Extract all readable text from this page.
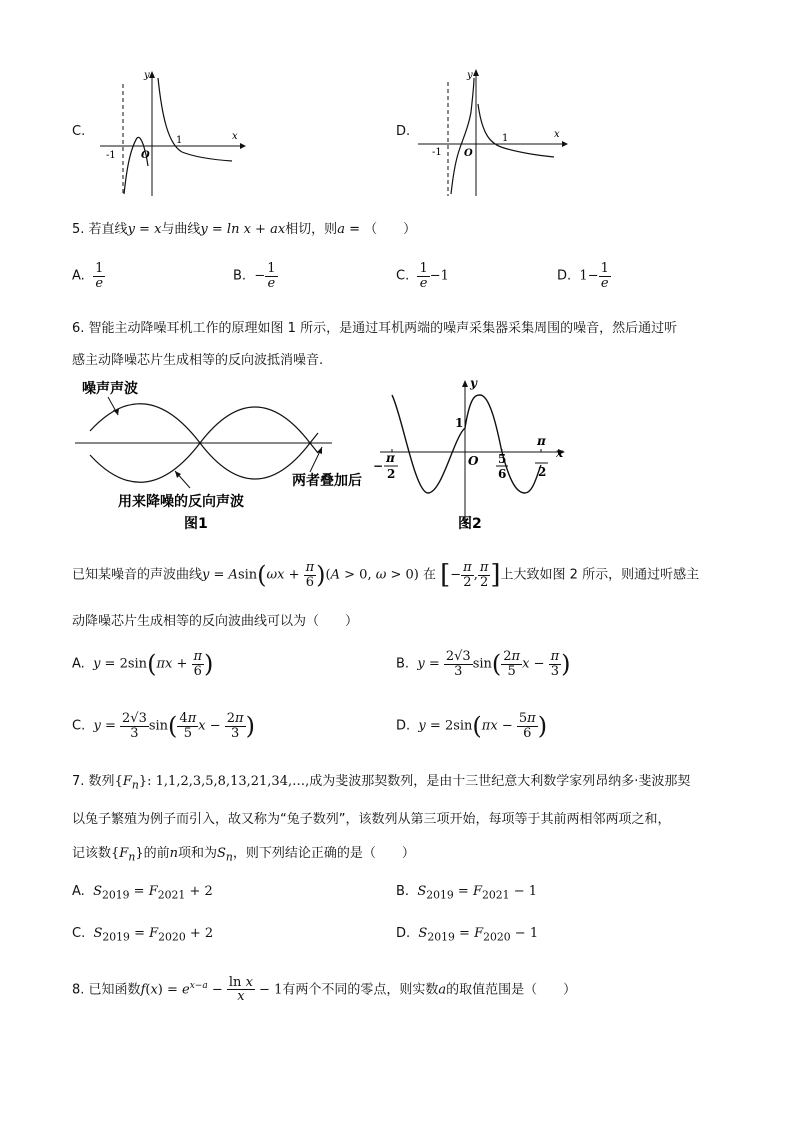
C.
y
x
O
-1
1
D.
y
x
O
-1
1
5. 若直线y = x与曲线y = ln x + ax相切，则a = （　　）
A. $\frac{1}{e}$	B. − $\frac{1}{e}$	C. $\frac{1}{e} -1$	D. $1- \frac{1}{e}$
6. 智能主动降噪耳机工作的原理如图 1 所示，是通过耳机两端的噪声采集器采集周围的噪音，然后通过听
感主动降噪芯片生成相等的反向波抵消噪音.
噪声声波
用来降噪的反向声波
两者叠加后
图1
y
x
O
1
−
π
2
5
6
π
2
图2
已知某噪音的声波曲线$y = Asin(\omega x + \frac{\pi}{6} )(A > 0$, ω > 0) 在 [− $\frac{\pi}{2}$ , $\frac{\pi}{2}$ ]上大致如图 2 所示，则通过听感主
动降噪芯片生成相等的反向波曲线可以为（　　）
A. $y = 2\sin(\pi x + \frac{\pi}{6}$ )	B. $y = \frac{2√3}{3} \sin( \frac{2\pi}{5}$ $x - \frac{\pi}{3}$ )
C. $y = \frac{2√3}{3} \sin( \frac{4\pi}{5}$ $x - \frac{2\pi}{3}$ )	D. $y = 2\sin(\pi x - \frac{5\pi}{6}$ )
7. 数列$\{F_n\}$: 1,1,2,3,5,8,13,21,34,…,成为斐波那契数列，是由十三世纪意大利数学家列昂纳多·斐波那契
以兔子繁殖为例子而引入，故又称为“兔子数列”，该数列从第三项开始，每项等于其前两相邻两项之和，
记该数$\{F_n\}$的前n项和为$S_n$，则下列结论正确的是（　　）
A. $S_{2019} = F_{2021} + 2$	B. $S_{2019} = F_{2021} - 1$
C. $S_{2019} = F_{2020} + 2$	D. $S_{2019} = F_{2020} - 1$
8. 已知函数$f(x) = e^{x-a} - \frac{\text{ln x}}{x} - 1$有两个不同的零点，则实数a的取值范围是（　　）
